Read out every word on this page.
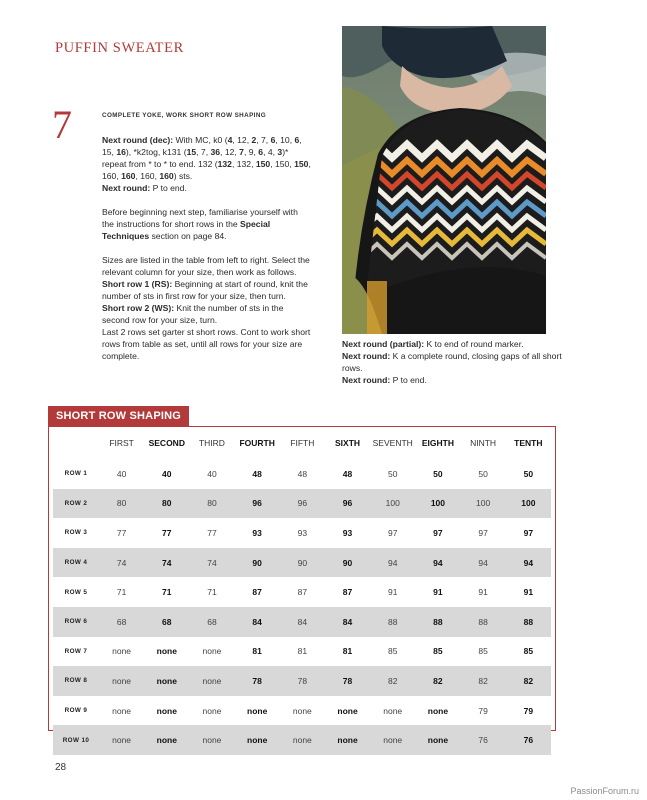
PUFFIN SWEATER
7	COMPLETE YOKE, WORK SHORT ROW SHAPING
Next round (dec): With MC, k0 (4, 12, 2, 7, 6, 10, 6, 15, 16), *k2tog, k131 (15, 7, 36, 12, 7, 9, 6, 4, 3)* repeat from * to * to end. 132 (132, 132, 150, 150, 150, 160, 160, 160, 160) sts.
Next round: P to end.
Before beginning next step, familiarise yourself with the instructions for short rows in the Special Techniques section on page 84.
Sizes are listed in the table from left to right. Select the relevant column for your size, then work as follows.
Short row 1 (RS): Beginning at start of round, knit the number of sts in first row for your size, then turn.
Short row 2 (WS): Knit the number of sts in the second row for your size, turn.
Last 2 rows set garter st short rows. Cont to work short rows from table as set, until all rows for your size are complete.
Next round (partial): K to end of round marker.
Next round: K a complete round, closing gaps of all short rows.
Next round: P to end.
SHORT ROW SHAPING
	FIRST	SECOND	THIRD	FOURTH	FIFTH	SIXTH	SEVENTH	EIGHTH	NINTH	TENTH
ROW 1	40	40	40	48	48	48	50	50	50	50
ROW 2	80	80	80	96	96	96	100	100	100	100
ROW 3	77	77	77	93	93	93	97	97	97	97
ROW 4	74	74	74	90	90	90	94	94	94	94
ROW 5	71	71	71	87	87	87	91	91	91	91
ROW 6	68	68	68	84	84	84	88	88	88	88
ROW 7	none	none	none	81	81	81	85	85	85	85
ROW 8	none	none	none	78	78	78	82	82	82	82
ROW 9	none	none	none	none	none	none	none	none	79	79
ROW 10	none	none	none	none	none	none	none	none	76	76
28
PassionForum.ru
